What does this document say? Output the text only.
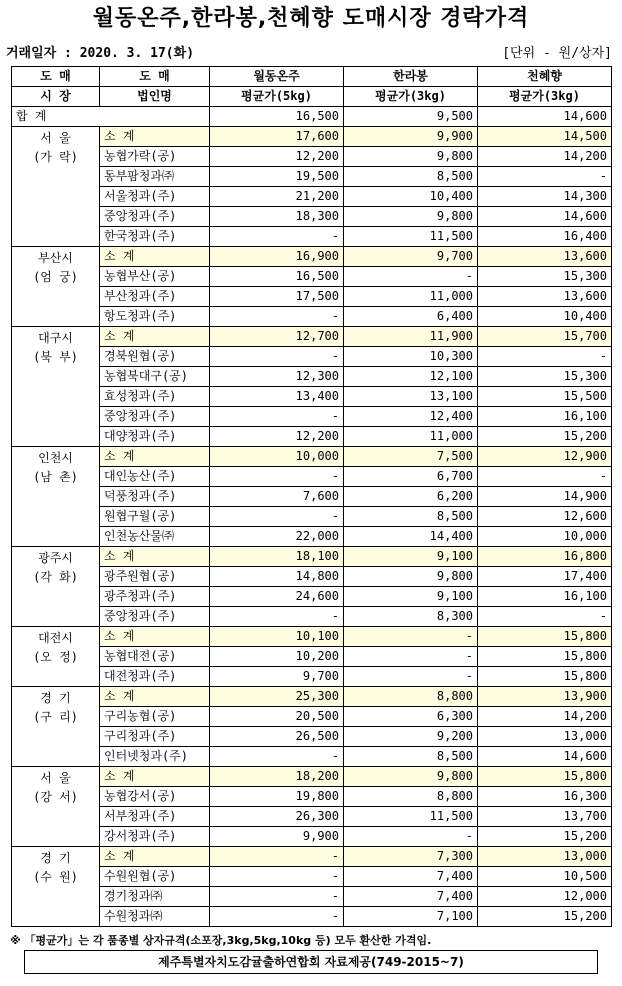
월동온주,한라봉,천혜향 도매시장 경락가격
거래일자 : 2020. 3. 17(화)	[단위 - 원/상자]
도 매	도 매	월동온주	한라봉	천혜향
시 장	법인명	평균가(5kg)	평균가(3kg)	평균가(3kg)
합 계		16,500	9,500	14,600

서 울
(가 락)	소 계	17,600	9,900	14,500
	농협가락(공)	12,200	9,800	14,200
	동부팜청과㈜	19,500	8,500	-
	서울청과(주)	21,200	10,400	14,300
	중앙청과(주)	18,300	9,800	14,600
	한국청과(주)	-	11,500	16,400

부산시
(엄 궁)	소 계	16,900	9,700	13,600
	농협부산(공)	16,500	-	15,300
	부산청과(주)	17,500	11,000	13,600
	항도청과(주)	-	6,400	10,400

대구시
(북 부)	소 계	12,700	11,900	15,700
	경북원협(공)	-	10,300	-
	농협북대구(공)	12,300	12,100	15,300
	효성청과(주)	13,400	13,100	15,500
	중앙청과(주)	-	12,400	16,100
	대양청과(주)	12,200	11,000	15,200

인천시
(남 촌)	소 계	10,000	7,500	12,900
	대인농산(주)	-	6,700	-
	덕풍청과(주)	7,600	6,200	14,900
	원협구월(공)	-	8,500	12,600
	인천농산물㈜	22,000	14,400	10,000

광주시
(각 화)	소 계	18,100	9,100	16,800
	광주원협(공)	14,800	9,800	17,400
	광주청과(주)	24,600	9,100	16,100
	중앙청과(주)	-	8,300	-

대전시
(오 정)	소 계	10,100	-	15,800
	농협대전(공)	10,200	-	15,800
	대전청과(주)	9,700	-	15,800

경 기
(구 리)	소 계	25,300	8,800	13,900
	구리농협(공)	20,500	6,300	14,200
	구리청과(주)	26,500	9,200	13,000
	인터넷청과(주)	-	8,500	14,600

서 울
(강 서)	소 계	18,200	9,800	15,800
	농협강서(공)	19,800	8,800	16,300
	서부청과(주)	26,300	11,500	13,700
	강서청과(주)	9,900	-	15,200

경 기
(수 원)	소 계	-	7,300	13,000
	수원원협(공)	-	7,400	10,500
	경기청과㈜	-	7,400	12,000
	수원청과㈜	-	7,100	15,200
※ 「평균가」는 각 품종별 상자규격(소포장,3kg,5kg,10kg 등) 모두 환산한 가격임.
제주특별자치도감귤출하연합회 자료제공(749-2015~7)
